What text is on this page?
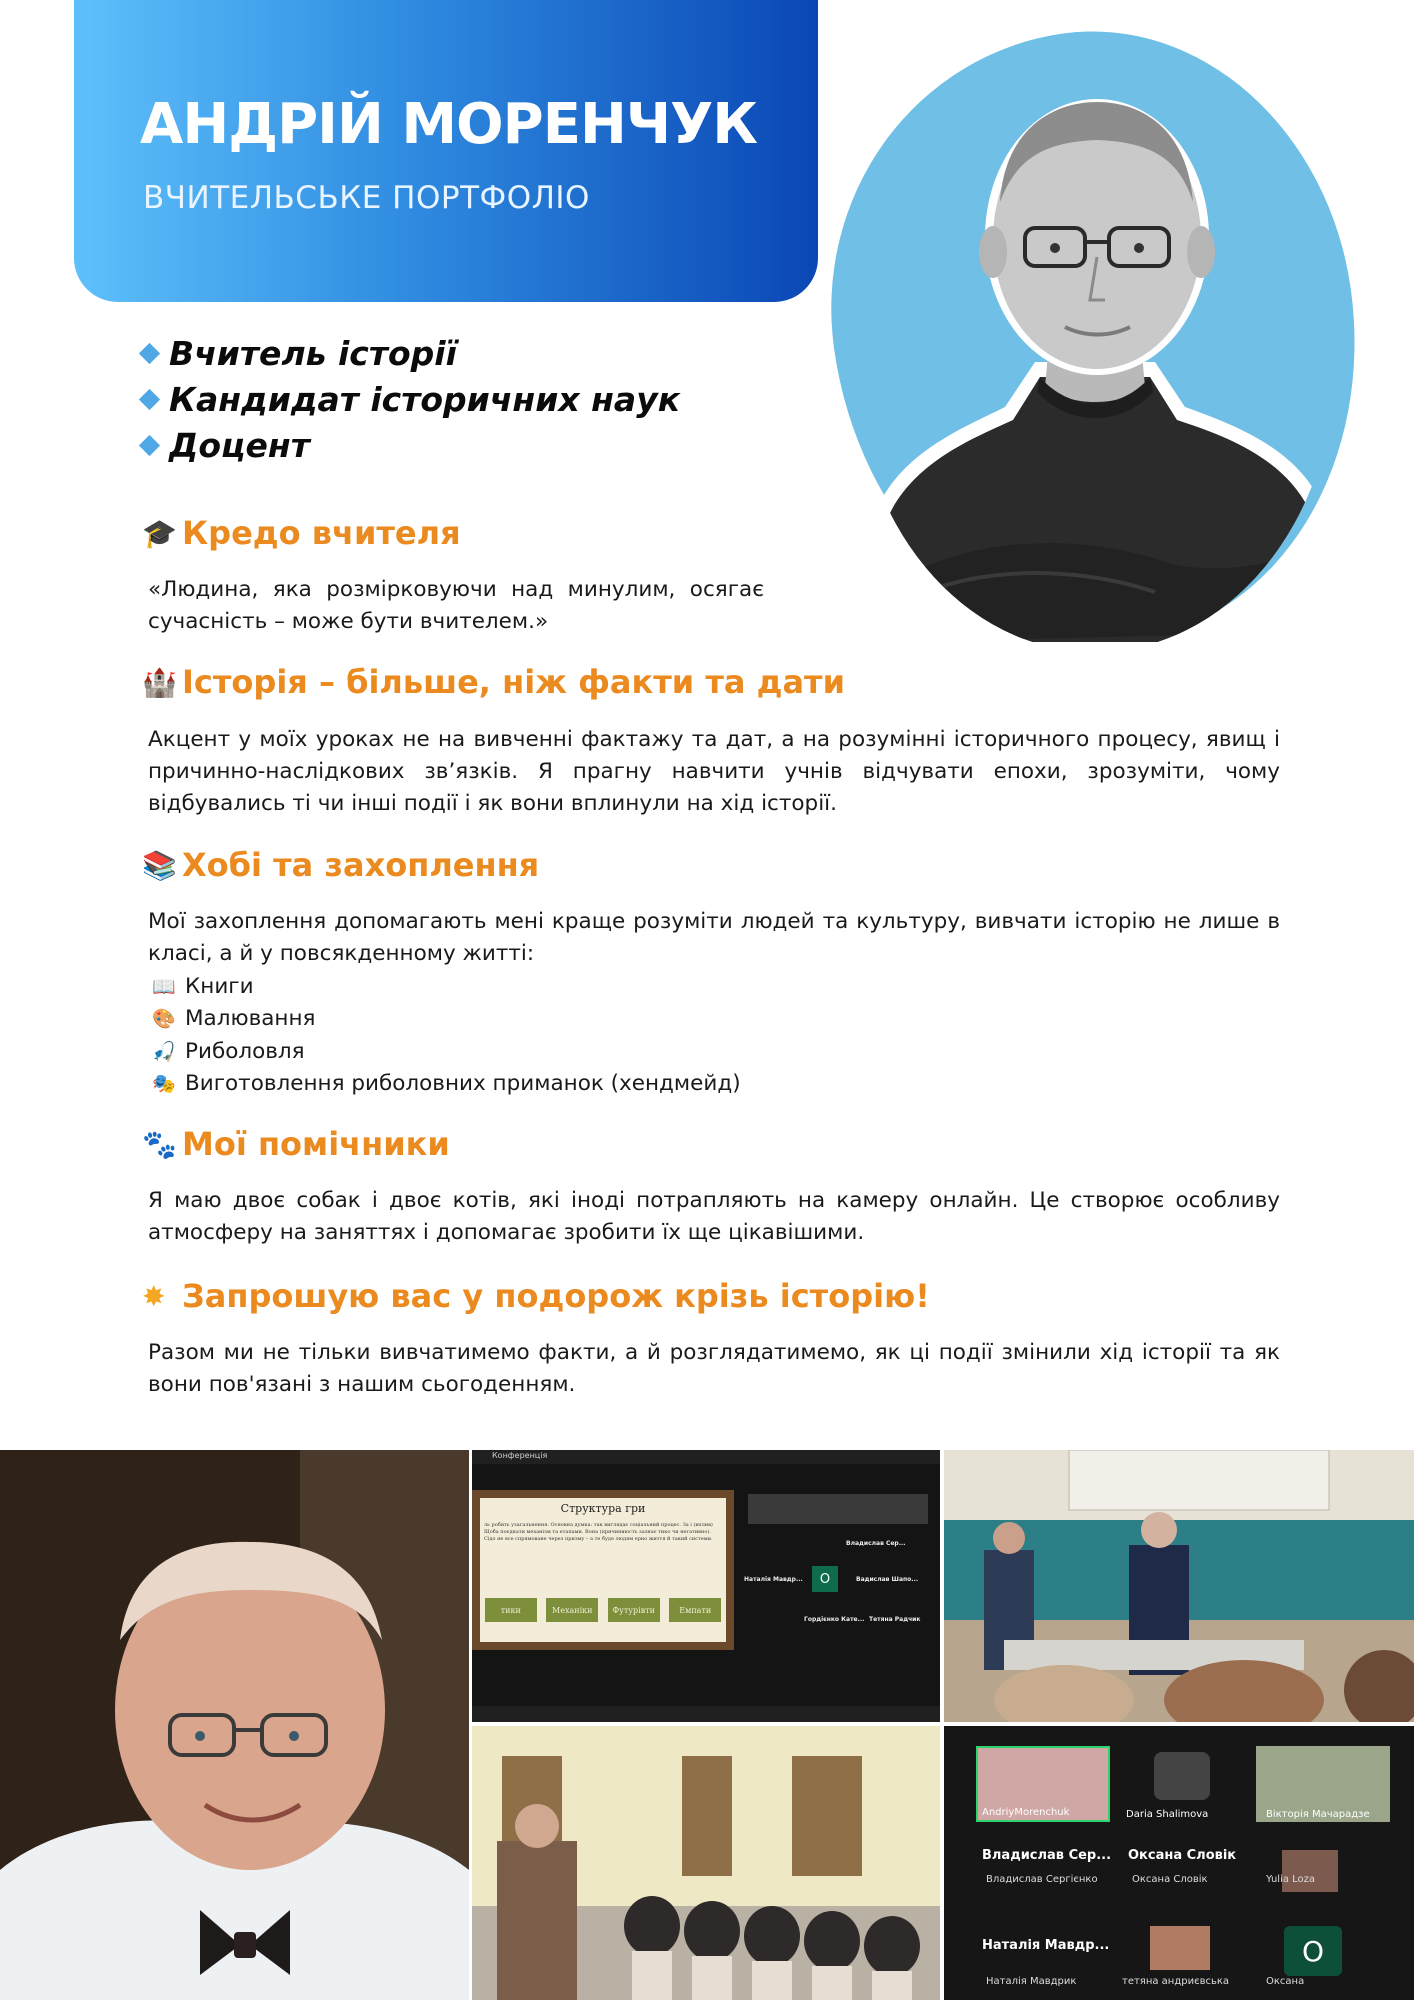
АНДРІЙ МОРЕНЧУК
ВЧИТЕЛЬСЬКЕ ПОРТФОЛІО
Вчитель історії
Кандидат історичних наук
Доцент
🎓 Кредо вчителя
«Людина, яка розмірковуючи над минулим, осягає сучасність – може бути вчителем.»
🏰 Історія – більше, ніж факти та дати
Акцент у моїх уроках не на вивченні фактажу та дат, а на розумінні історичного процесу, явищ і причинно-наслідкових зв’язків. Я прагну навчити учнів відчувати епохи, зрозуміти, чому відбувались ті чи інші події і як вони вплинули на хід історії.
📚 Хобі та захоплення
Мої захоплення допомагають мені краще розуміти людей та культуру, вивчати історію не лише в класі, а й у повсякденному житті:
📖 Книги
🎨 Малювання
🎣 Риболовля
🎭 Виготовлення риболовних приманок (хендмейд)
🐾 Мої помічники
Я маю двоє собак і двоє котів, які іноді потрапляють на камеру онлайн. Це створює особливу атмосферу на заняттях і допомагає зробити їх ще цікавішими.
✸ Запрошую вас у подорож крізь історію!
Разом ми не тільки вивчатимемо факти, а й розглядатимемо, як ці події змінили хід історії та як вони пов'язані з нашим сьогоденням.
Конференція
Структура гри
ль робить узагальнення. Основна думка: так виглядає соціальний процес. За і (вплив) Щоба поєднати механізм та етапами. Вона (причиниюсть зазнає тико чи негативно). Сідо не все спрямоване через призму – а те буде людям ерно життя й такий системи.
тики	Механіки	Футурівти	Емпати
Владислав Сер...
Наталія Мавдр...	O	Вадислав Шапо...
Гордієнко Кате... Тетяна Радчик
AndriyMorenchuk	Daria Shalimova	Вікторія Мачарадзе
Владислав Сер...
Владислав Сергієнко
Оксана Словік
Оксана Словік	Yulia Loza
Наталія Мавдр...
Наталія Мавдрик	тетяна андриєвська
O
Оксана
